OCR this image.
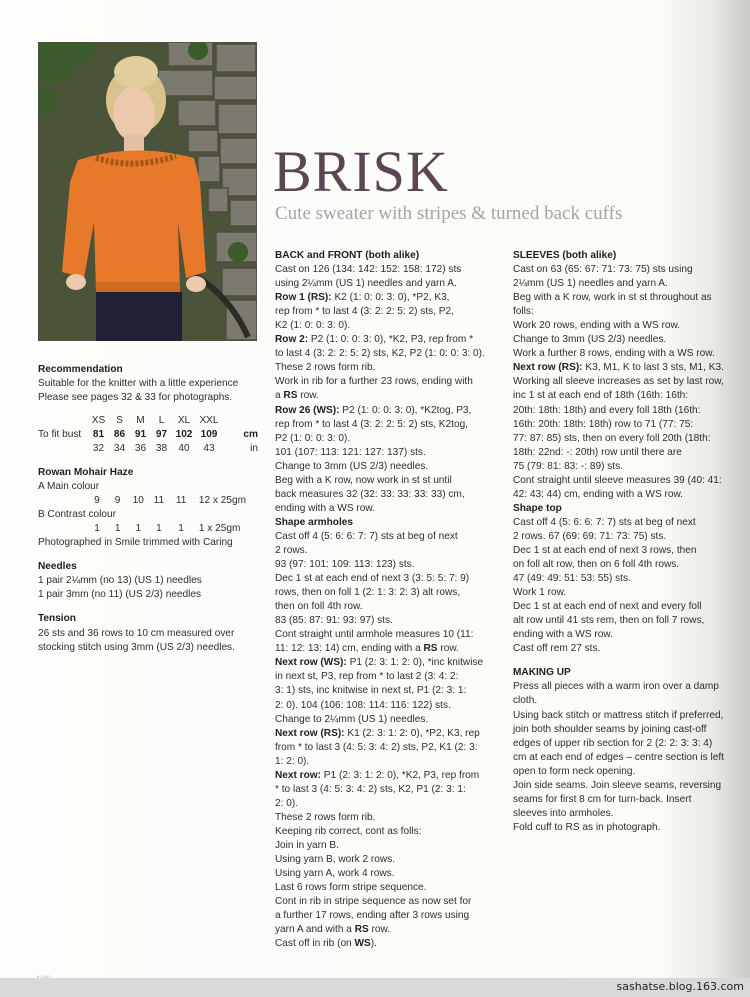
BRISK
Cute sweater with stripes & turned back cuffs

Recommendation

Suitable for the knitter with a little experience

Please see pages 32 & 33 for photographs.

	XS	S	M	L	XL	XXL	
To fit bust	81	86	91	97	102	109	cm
	32	34	36	38	40	43	in

Rowan Mohair Haze

A Main colour

	9	9	10	11	11	12 x 25gm

B Contrast colour

	1	1	1	1	1	1 x 25gm

Photographed in Smile trimmed with Caring

Needles

1 pair 2¼mm (no 13) (US 1) needles

1 pair 3mm (no 11) (US 2/3) needles

Tension

26 sts and 36 rows to 10 cm measured over

stocking stitch using 3mm (US 2/3) needles.

BACK and FRONT (both alike)

Cast on 126 (134: 142: 152: 158: 172) sts

using 2¼mm (US 1) needles and yarn A.

Row 1 (RS): K2 (1: 0: 0: 3: 0), *P2, K3,

rep from * to last 4 (3: 2: 2: 5: 2) sts, P2,

K2 (1: 0: 0: 3: 0).

Row 2: P2 (1: 0: 0: 3: 0), *K2, P3, rep from *

to last 4 (3: 2: 2: 5: 2) sts, K2, P2 (1: 0: 0: 3: 0).

These 2 rows form rib.

Work in rib for a further 23 rows, ending with

a RS row.

Row 26 (WS): P2 (1: 0: 0: 3: 0), *K2tog, P3,

rep from * to last 4 (3: 2: 2: 5: 2) sts, K2tog,

P2 (1: 0: 0: 3: 0).

101 (107: 113: 121: 127: 137) sts.

Change to 3mm (US 2/3) needles.

Beg with a K row, now work in st st until

back measures 32 (32: 33: 33: 33: 33) cm,

ending with a WS row.

Shape armholes

Cast off 4 (5: 6: 6: 7: 7) sts at beg of next

2 rows.

93 (97: 101: 109: 113: 123) sts.

Dec 1 st at each end of next 3 (3: 5: 5: 7: 9)

rows, then on foll 1 (2: 1: 3: 2: 3) alt rows,

then on foll 4th row.

83 (85: 87: 91: 93: 97) sts.

Cont straight until armhole measures 10 (11:

11: 12: 13: 14) cm, ending with a RS row.

Next row (WS): P1 (2: 3: 1: 2: 0), *inc knitwise

in next st, P3, rep from * to last 2 (3: 4: 2:

3: 1) sts, inc knitwise in next st, P1 (2: 3: 1:

2: 0). 104 (106: 108: 114: 116: 122) sts.

Change to 2¼mm (US 1) needles.

Next row (RS): K1 (2: 3: 1: 2: 0), *P2, K3, rep

from * to last 3 (4: 5: 3: 4: 2) sts, P2, K1 (2: 3:

1: 2: 0).

Next row: P1 (2: 3: 1: 2: 0), *K2, P3, rep from

* to last 3 (4: 5: 3: 4: 2) sts, K2, P1 (2: 3: 1:

2: 0).

These 2 rows form rib.

Keeping rib correct, cont as folls:

Join in yarn B.

Using yarn B, work 2 rows.

Using yarn A, work 4 rows.

Last 6 rows form stripe sequence.

Cont in rib in stripe sequence as now set for

a further 17 rows, ending after 3 rows using

yarn A and with a RS row.

Cast off in rib (on WS).

SLEEVES (both alike)

Cast on 63 (65: 67: 71: 73: 75) sts using

2¼mm (US 1) needles and yarn A.

Beg with a K row, work in st st throughout as

folls:

Work 20 rows, ending with a WS row.

Change to 3mm (US 2/3) needles.

Work a further 8 rows, ending with a WS row.

Next row (RS): K3, M1, K to last 3 sts, M1, K3.

Working all sleeve increases as set by last row,

inc 1 st at each end of 18th (16th: 16th:

20th: 18th: 18th) and every foll 18th (16th:

16th: 20th: 18th: 18th) row to 71 (77: 75:

77: 87: 85) sts, then on every foll 20th (18th:

18th: 22nd: -: 20th) row until there are

75 (79: 81: 83: -: 89) sts.

Cont straight until sleeve measures 39 (40: 41:

42: 43: 44) cm, ending with a WS row.

Shape top

Cast off 4 (5: 6: 6: 7: 7) sts at beg of next

2 rows. 67 (69: 69: 71: 73: 75) sts.

Dec 1 st at each end of next 3 rows, then

on foll alt row, then on 6 foll 4th rows.

47 (49: 49: 51: 53: 55) sts.

Work 1 row.

Dec 1 st at each end of next and every foll

alt row until 41 sts rem, then on foll 7 rows,

ending with a WS row.

Cast off rem 27 sts.

MAKING UP

Press all pieces with a warm iron over a damp

cloth.

Using back stitch or mattress stitch if preferred,

join both shoulder seams by joining cast-off

edges of upper rib section for 2 (2: 2: 3: 3: 4)

cm at each end of edges – centre section is left

open to form neck opening.

Join side seams. Join sleeve seams, reversing

seams for first 8 cm for turn-back. Insert

sleeves into armholes.

Fold cuff to RS as in photograph.

sashatse.blog.163.com
